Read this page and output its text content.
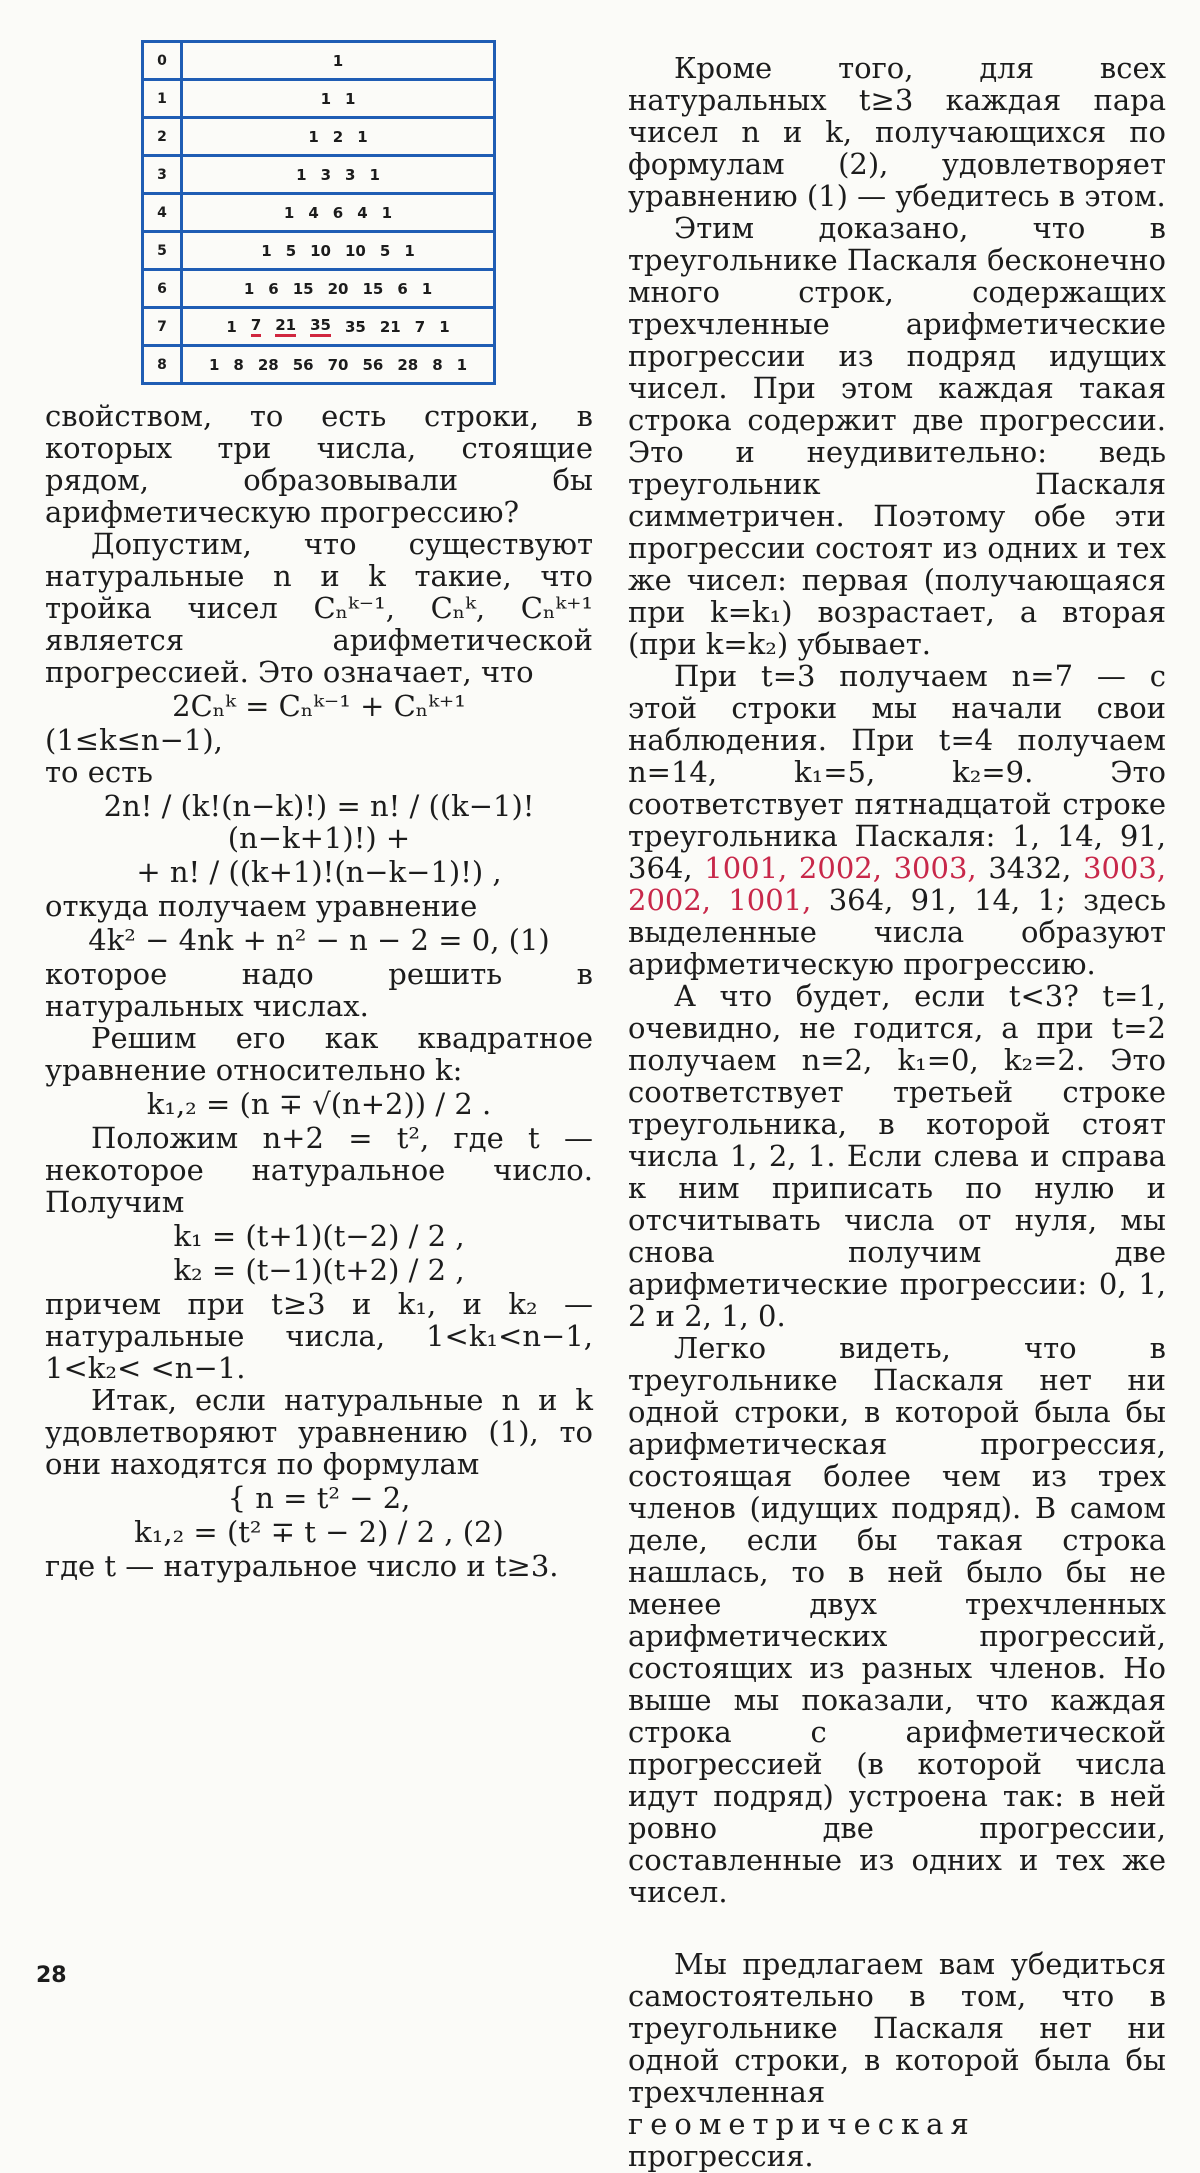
0	1
1	1 1
2	1 2 1
3	1 3 3 1
4	1 4 6 4 1
5	1 5 10 10 5 1
6	1 6 15 20 15 6 1
7	1 7 21 35 35 21 7 1
8	1 8 28 56 70 56 28 8 1

свойством, то есть строки, в которых три числа, стоящие рядом, образовывали бы арифметическую прогрессию?

Допустим, что существуют натуральные n и k такие, что тройка чисел Cₙᵏ⁻¹, Cₙᵏ, Cₙᵏ⁺¹ является арифметической прогрессией. Это означает, что

2Cₙᵏ = Cₙᵏ⁻¹ + Cₙᵏ⁺¹

(1≤k≤n−1),

то есть

2n! / (k!(n−k)!) = n! / ((k−1)!(n−k+1)!) +

+ n! / ((k+1)!(n−k−1)!) ,

откуда получаем уравнение

4k² − 4nk + n² − n − 2 = 0, (1)

которое надо решить в натуральных числах.

Решим его как квадратное уравнение относительно k:

k₁,₂ = (n ∓ √(n+2)) / 2 .

Положим n+2 = t², где t — некоторое натуральное число. Получим

k₁ = (t+1)(t−2) / 2 ,

k₂ = (t−1)(t+2) / 2 ,

причем при t≥3 и k₁, и k₂ — натуральные числа, 1<k₁<n−1, 1<k₂< <n−1.

Итак, если натуральные n и k удовлетворяют уравнению (1), то они находятся по формулам

{ n = t² − 2,

k₁,₂ = (t² ∓ t − 2) / 2 , (2)

где t — натуральное число и t≥3.

Кроме того, для всех натуральных t≥3 каждая пара чисел n и k, получающихся по формулам (2), удовлетворяет уравнению (1) — убедитесь в этом.

Этим доказано, что в треугольнике Паскаля бесконечно много строк, содержащих трехчленные арифметические прогрессии из подряд идущих чисел. При этом каждая такая строка содержит две прогрессии. Это и неудивительно: ведь треугольник Паскаля симметричен. Поэтому обе эти прогрессии состоят из одних и тех же чисел: первая (получающаяся при k=k₁) возрастает, а вторая (при k=k₂) убывает.

При t=3 получаем n=7 — с этой строки мы начали свои наблюдения. При t=4 получаем n=14, k₁=5, k₂=9. Это соответствует пятнадцатой строке треугольника Паскаля: 1, 14, 91, 364, 1001, 2002, 3003, 3432, 3003, 2002, 1001, 364, 91, 14, 1; здесь выделенные числа образуют арифметическую прогрессию.

А что будет, если t<3? t=1, очевидно, не годится, а при t=2 получаем n=2, k₁=0, k₂=2. Это соответствует третьей строке треугольника, в которой стоят числа 1, 2, 1. Если слева и справа к ним приписать по нулю и отсчитывать числа от нуля, мы снова получим две арифметические прогрессии: 0, 1, 2 и 2, 1, 0.

Легко видеть, что в треугольнике Паскаля нет ни одной строки, в которой была бы арифметическая прогрессия, состоящая более чем из трех членов (идущих подряд). В самом деле, если бы такая строка нашлась, то в ней было бы не менее двух трехчленных арифметических прогрессий, состоящих из разных членов. Но выше мы показали, что каждая строка с арифметической прогрессией (в которой числа идут подряд) устроена так: в ней ровно две прогрессии, составленные из одних и тех же чисел.

Мы предлагаем вам убедиться самостоятельно в том, что в треугольнике Паскаля нет ни одной строки, в которой была бы трехчленная геометрическая прогрессия.

28
